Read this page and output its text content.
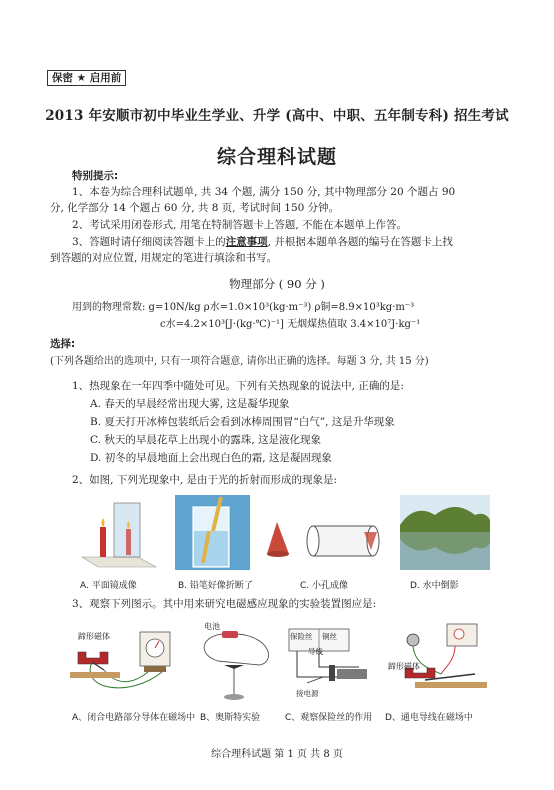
保密 ★ 启用前
2013 年安顺市初中毕业生学业、升学 (高中、中职、五年制专科) 招生考试
综合理科试题
特别提示:
1、本卷为综合理科试题单, 共 34 个题, 满分 150 分, 其中物理部分 20 个题占 90
分, 化学部分 14 个题占 60 分, 共 8 页, 考试时间 150 分钟。
2、考试采用闭卷形式, 用笔在特制答题卡上答题, 不能在本题单上作答。
3、答题时请仔细阅读答题卡上的注意事项, 并根据本题单各题的编号在答题卡上找
到答题的对应位置, 用规定的笔进行填涂和书写。
物理部分 ( 90 分 )
用到的物理常数: g=10N/kg ρ水=1.0×10³(kg·m⁻³) ρ铜=8.9×10³kg·m⁻³
c水=4.2×10³[J·(kg·℃)⁻¹] 无烟煤热值取 3.4×10⁷J·kg⁻¹
选择:
(下列各题给出的选项中, 只有一项符合题意, 请你出正确的选择。每题 3 分, 共 15 分)
1、热现象在一年四季中随处可见。下列有关热现象的说法中, 正确的是:
A. 春天的早晨经常出现大雾, 这是凝华现象
B. 夏天打开冰棒包装纸后会看到冰棒周围冒“白气”, 这是升华现象
C. 秋天的早晨花草上出现小的露珠, 这是液化现象
D. 初冬的早晨地面上会出现白色的霜, 这是凝固现象
2、如图, 下列光现象中, 是由于光的折射而形成的现象是:
A. 平面镜成像	B. 铅笔好像折断了	C. 小孔成像	D. 水中倒影
3、观察下列图示。其中用来研究电磁感应现象的实验装置图应是:
蹄形磁体
电池
保险丝 铜丝
导线
接电源
蹄形磁体
A、闭合电路部分导体在磁场中 B、奥斯特实验	C、观察保险丝的作用 D、通电导线在磁场中
综合理科试题 第 1 页 共 8 页
